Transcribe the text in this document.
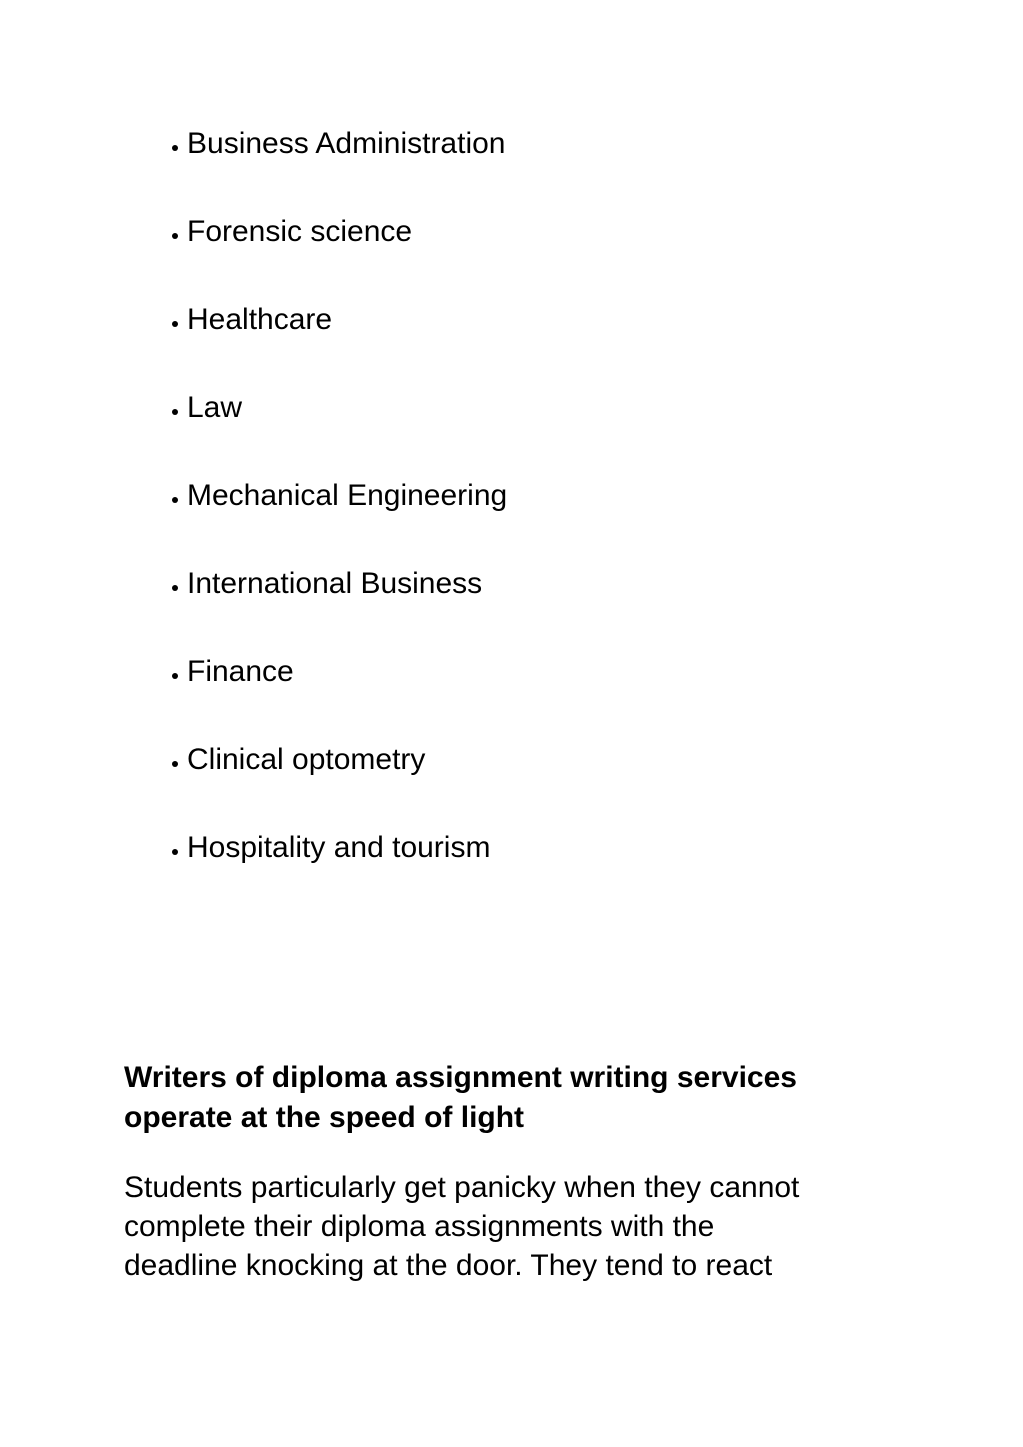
Business Administration
Forensic science
Healthcare
Law
Mechanical Engineering
International Business
Finance
Clinical optometry
Hospitality and tourism
Writers of diploma assignment writing services
operate at the speed of light

Students particularly get panicky when they cannot
complete their diploma assignments with the
deadline knocking at the door. They tend to react
